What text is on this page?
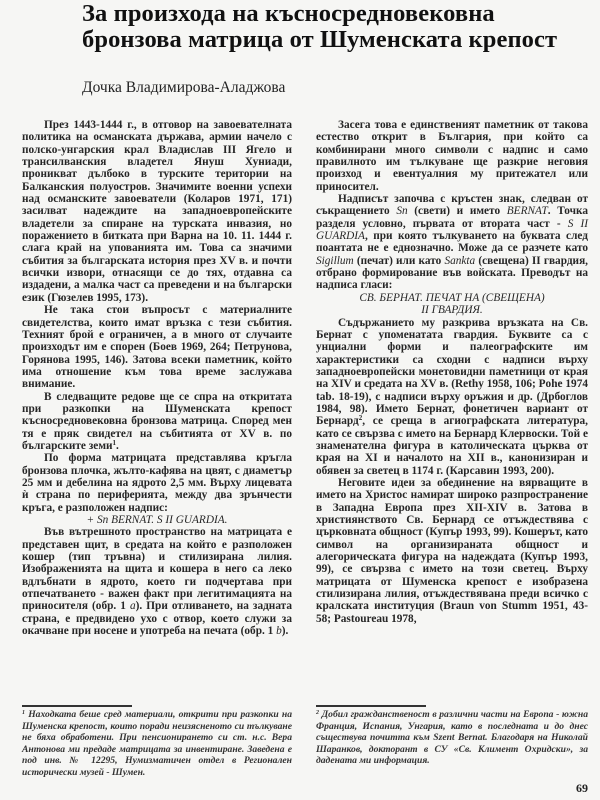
За произхода на късносредновековна
бронзова матрица от Шуменската крепост
Дочка Владимирова-Аладжова

През 1443-1444 г., в отговор на завоевателната политика на османската държава, армии начело с полско-унгарския крал Владислав III Ягело и трансилванския владетел Януш Хуниади, проникват дълбоко в турските територии на Балканския полуостров. Значимите военни успехи над османските завоеватели (Коларов 1971, 171) засилват надеждите на западноевропейските владетели за спиране на турската инвазия, но поражението в битката при Варна на 10. 11. 1444 г. слага край на упованията им. Това са значими събития за българската история през XV в. и почти всички извори, отнасящи се до тях, отдавна са издадени, а малка част са преведени и на български език (Гюзелев 1995, 173).

Не така стои въпросът с материалните свидетелства, които имат връзка с тези събития. Техният брой е ограничен, а в много от случаите произходът им е спорен (Боев 1969, 264; Петрунова, Горянова 1995, 146). Затова всеки паметник, който има отношение към това време заслужава внимание.

В следващите редове ще се спра на откритата при разкопки на Шуменската крепост късносредновековна бронзова матрица. Според мен тя е пряк свидетел на събитията от XV в. по българските земи$^1$.

По форма матрицата представлява кръгла бронзова плочка, жълто-кафява на цвят, с диаметър 25 мм и дебелина на ядрото 2,5 мм. Върху лицевата ѝ страна по периферията, между два зрънчести кръга, е разположен надпис:

+ Sn BERNAT. S II GUARDIA.

Във вътрешното пространство на матрицата е представен щит, в средата на който е разположен кошер (тип тръвна) и стилизирана лилия. Изображенията на щита и кошера в него са леко вдлъбнати в ядрото, което ги подчертава при отпечатването - важен факт при легитимацията на приносителя (обр. 1 a). При отливането, на задната страна, е предвидено ухо с отвор, което служи за окачване при носене и употреба на печата (обр. 1 b).

Засега това е единственият паметник от такова естество открит в България, при който са комбинирани много символи с надпис и само правилното им тълкуване ще разкрие неговия произход и евентуалния му притежател или приносител.

Надписът започва с кръстен знак, следван от съкращението Sn (свети) и името BERNAT. Точка разделя условно, първата от втората част - S II GUARDIA, при която тълкуването на буквата след поантата не е еднозначно. Може да се разчете като Sigillum (печат) или като Sankta (свещена) II гвардия, отбрано формирование във войската. Преводът на надписа гласи:

СВ. БЕРНАТ. ПЕЧАТ НА (СВЕЩЕНА)

II ГВАРДИЯ.

Съдържанието му разкрива връзката на Св. Бернат с упоменатата гвардия. Буквите са с унциални форми и палеографските им характеристики са сходни с надписи върху западноевропейски монетовидни паметници от края на XIV и средата на XV в. (Rethy 1958, 106; Pohe 1974 tab. 18-19), с надписи върху оръжия и др. (Дрбоглов 1984, 98). Името Бернат, фонетичен вариант от Бернард$^2$, се среща в агиографската литература, като се свързва с името на Бернард Клервоски. Той е знаменателна фигура в католическата църква от края на XI и началото на XII в., канонизиран и обявен за светец в 1174 г. (Карсавин 1993, 200).

Неговите идеи за обединение на вярващите в името на Христос намират широко разпространение в Западна Европа през XII-XIV в. Затова в християнството Св. Бернард се отъждествява с църковната общност (Купър 1993, 99). Кошерът, като символ на организираната общност и алегорическата фигура на надеждата (Купър 1993, 99), се свързва с името на този светец. Върху матрицата от Шуменска крепост е изобразена стилизирана лилия, отъждествявана преди всичко с кралската институция (Braun von Stumm 1951, 43-58; Pastoureau 1978,

$^1$ Находката беше сред материали, открити при разкопки на Шуменска крепост, които поради неизясненото си тълкуване не бяха обработени. При пенсионирането си ст. н.с. Вера Антонова ми предаде матрицата за инвентиране. Заведена е под инв. № 12295, Нумизматичен отдел в Регионален исторически музей - Шумен.
$^2$ Добил гражданственост в различни части на Европа - южна Франция, Испания, Унгария, като в последната и до днес съществува почитта към Szent Bernat. Благодаря на Николай Шаранков, докторант в СУ «Св. Климент Охридски», за дадената ми информация.
69
